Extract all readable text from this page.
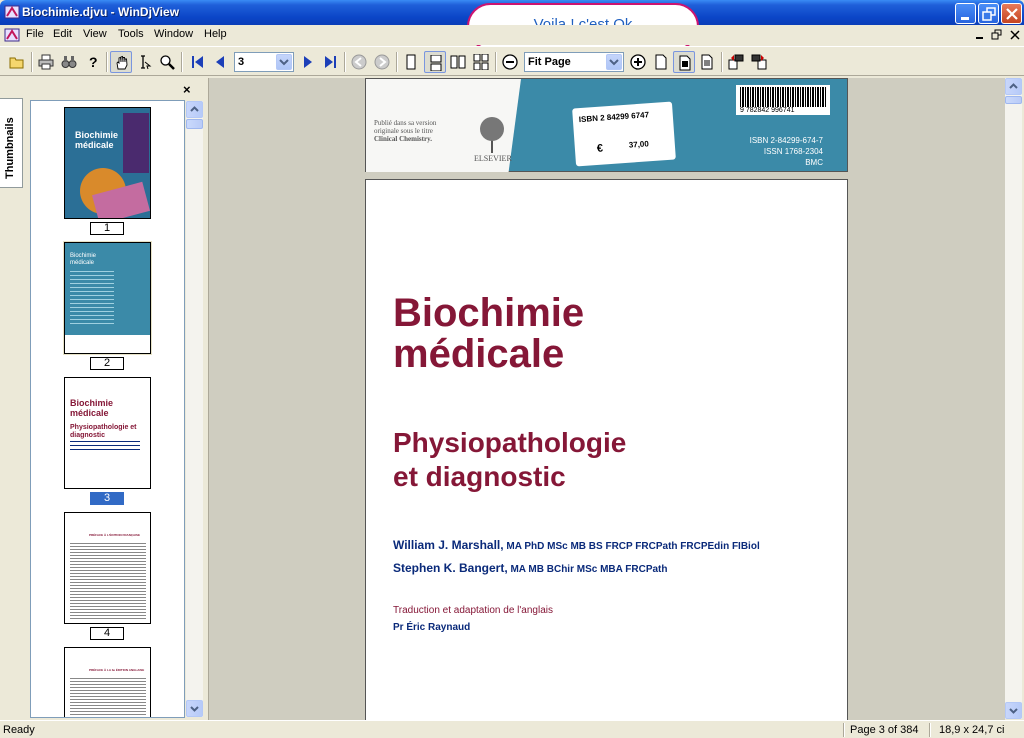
Biochimie.djvu - WinDjView
File Edit View Tools Window Help
?	3	Fit Page
Thumbnails
×
Biochimie médicale
1
Biochimie médicale
2
Biochimie médicale
Physiopathologie et diagnostic
3
PRÉFACE À L'ÉDITION FRANÇAISE
4
PRÉFACE À LA 3e ÉDITION ANGLAISE
Publié dans sa version
originale sous le titre
Clinical Chemistry.
ELSEVIER
ISBN 2 84299 6747
€	37,00
9 782842 996741
ISBN 2-84299-674-7
ISSN 1768-2304
BMC
Biochimie
médicale
Physiopathologie
et diagnostic
William J. Marshall, MA PhD MSc MB BS FRCP FRCPath FRCPEdin FIBiol
Stephen K. Bangert, MA MB BChir MSc MBA FRCPath
Traduction et adaptation de l'anglais
Pr Éric Raynaud
Ready	Page 3 of 384 18,9 x 24,7 ci
